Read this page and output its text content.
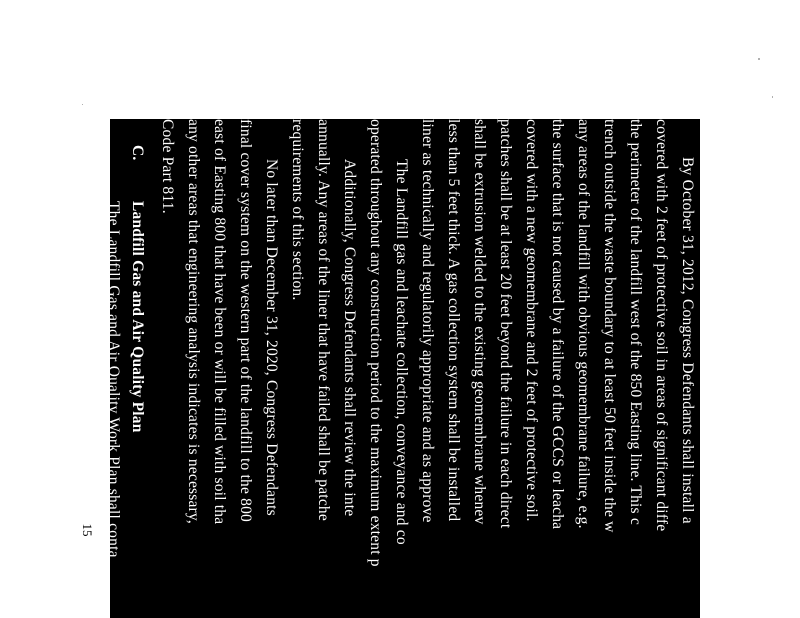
By October 31, 2012, Congress Defendants shall install a
covered with 2 feet of protective soil in areas of significant diffe
the perimeter of the landfill west of the 850 Easting line. This c
trench outside the waste boundary to at least 50 feet inside the w
any areas of the landfill with obvious geomembrane failure, e.g.
the surface that is not caused by a failure of the GCCS or leacha
covered with a new geomembrane and 2 feet of protective soil.
patches shall be at least 20 feet beyond the failure in each direct
shall be extrusion welded to the existing geomembrane whenev
less than 5 feet thick. A gas collection system shall be installed
liner as technically and regulatorily appropriate and as approve
The Landfill gas and leachate collection, conveyance and co
operated throughout any construction period to the maximum extent p
Additionally, Congress Defendants shall review the inte
annually. Any areas of the liner that have failed shall be patche
requirements of this section.
No later than December 31, 2020, Congress Defendants
final cover system on the western part of the landfill to the 800
east of Easting 800 that have been or will be filled with soil tha
any other areas that engineering analysis indicates is necessary,
Code Part 811.
C.
Landfill Gas and Air Quality Plan
The Landfill Gas and Air Quality Work Plan shall conta
15
